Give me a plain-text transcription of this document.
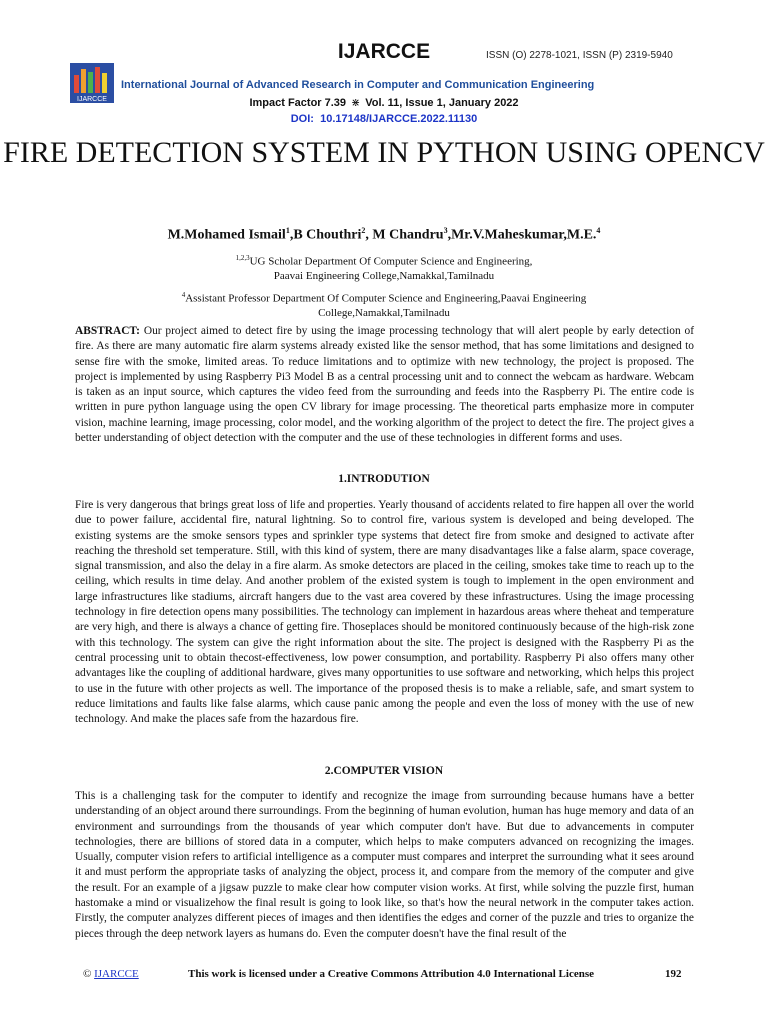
IJARCCE	ISSN (O) 2278-1021, ISSN (P) 2319-5940
IJARCCE
International Journal of Advanced Research in Computer and Communication Engineering
Impact Factor 7.39 ⋇ Vol. 11, Issue 1, January 2022
DOI: 10.17148/IJARCCE.2022.11130
FIRE DETECTION SYSTEM IN PYTHON USING OPENCV
M.Mohamed Ismail$^1$,B Chouthri$^2$, M Chandru$^3$,Mr.V.Maheskumar,M.E.$^4$
$^{1,2,3}$UG Scholar Department Of Computer Science and Engineering,
Paavai Engineering College,Namakkal,Tamilnadu
$^4$Assistant Professor Department Of Computer Science and Engineering,Paavai Engineering College,Namakkal,Tamilnadu
ABSTRACT: Our project aimed to detect fire by using the image processing technology that will alert people by early detection of fire. As there are many automatic fire alarm systems already existed like the sensor method, that has some limitations and designed to sense fire with the smoke, limited areas. To reduce limitations and to optimize with new technology, the project is proposed. The project is implemented by using Raspberry Pi3 Model B as a central processing unit and to connect the webcam as hardware. Webcam is taken as an input source, which captures the video feed from the surrounding and feeds into the Raspberry Pi. The entire code is written in pure python language using the open CV library for image processing. The theoretical parts emphasize more in computer vision, machine learning, image processing, color model, and the working algorithm of the project to detect the fire. The project gives a better understanding of object detection with the computer and the use of these technologies in different forms and uses.
1.INTRODUTION
Fire is very dangerous that brings great loss of life and properties. Yearly thousand of accidents related to fire happen all over the world due to power failure, accidental fire, natural lightning. So to control fire, various system is developed and being developed. The existing systems are the smoke sensors types and sprinkler type systems that detect fire from smoke and designed to activate after reaching the threshold set temperature. Still, with this kind of system, there are many disadvantages like a false alarm, space coverage, signal transmission, and also the delay in a fire alarm. As smoke detectors are placed in the ceiling, smokes take time to reach up to the ceiling, which results in time delay. And another problem of the existed system is tough to implement in the open environment and large infrastructures like stadiums, aircraft hangers due to the vast area covered by these infrastructures. Using the image processing technology in fire detection opens many possibilities. The technology can implement in hazardous areas where theheat and temperature are very high, and there is always a chance of getting fire. Thoseplaces should be monitored continuously because of the high-risk zone with this technology. The system can give the right information about the site. The project is designed with the Raspberry Pi as the central processing unit to obtain thecost-effectiveness, low power consumption, and portability. Raspberry Pi also offers many other advantages like the coupling of additional hardware, gives many opportunities to use software and networking, which helps this project to use in the future with other projects as well. The importance of the proposed thesis is to make a reliable, safe, and smart system to reduce limitations and faults like false alarms, which cause panic among the people and even the loss of money with the use of new technology. And make the places safe from the hazardous fire.
2.COMPUTER VISION
This is a challenging task for the computer to identify and recognize the image from surrounding because humans have a better understanding of an object around there surroundings. From the beginning of human evolution, human has huge memory and data of an environment and surroundings from the thousands of year which computer don't have. But due to advancements in computer technologies, there are billions of stored data in a computer, which helps to make computers advanced on recognizing the images. Usually, computer vision refers to artificial intelligence as a computer must compares and interpret the surrounding what it sees around it and must perform the appropriate tasks of analyzing the object, process it, and compare from the memory of the computer and give the result. For an example of a jigsaw puzzle to make clear how computer vision works. At first, while solving the puzzle first, human hastomake a mind or visualizehow the final result is going to look like, so that's how the neural network in the computer takes action. Firstly, the computer analyzes different pieces of images and then identifies the edges and corner of the puzzle and tries to organize the pieces through the deep network layers as humans do. Even the computer doesn't have the final result of the
© IJARCCE	This work is licensed under a Creative Commons Attribution 4.0 International License	192
